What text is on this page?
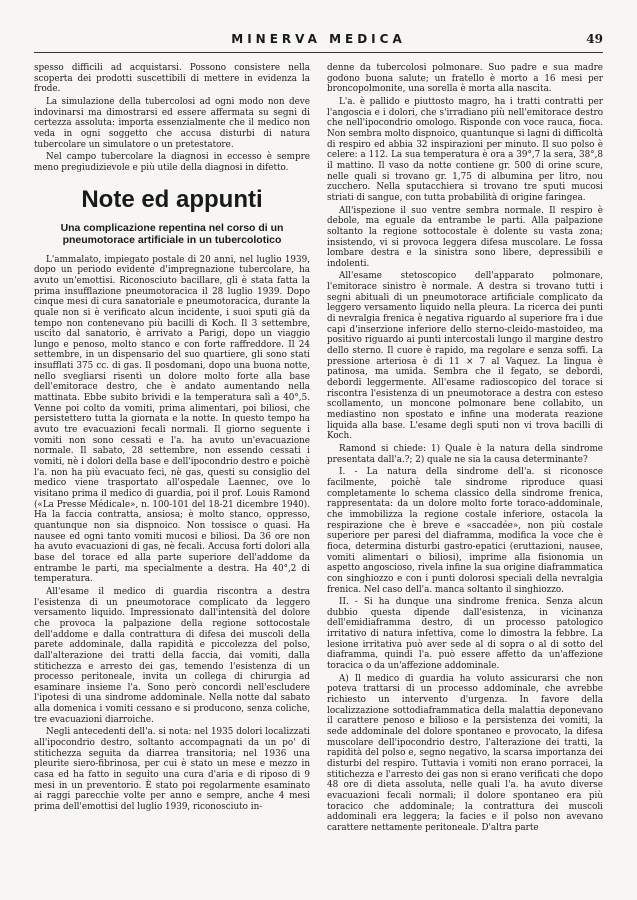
MINERVA MEDICA	49

spesso difficili ad acquistarsi. Possono consistere nella scoperta dei prodotti suscettibili di mettere in evidenza la frode.

La simulazione della tubercolosi ad ogni modo non deve indovinarsi ma dimostrarsi ed essere affermata su segni di certezza assoluta: importa essenzialmente che il medico non veda in ogni soggetto che accusa disturbi di natura tubercolare un simulatore o un pretestatore.

Nel campo tubercolare la diagnosi in eccesso è sempre meno pregiudizievole e più utile della diagnosi in difetto.

Note ed appunti
Una complicazione repentina nel corso di un pneumotorace artificiale in un tubercolotico

L'ammalato, impiegato postale di 20 anni, nel luglio 1939, dopo un periodo evidente d'impregnazione tubercolare, ha avuto un'emottisi. Riconosciuto bacillare, gli è stata fatta la prima insufflazione pneumotoracica il 28 luglio 1939. Dopo cinque mesi di cura sanatoriale e pneumotoracica, durante la quale non si è verificato alcun incidente, i suoi sputi già da tempo non contenevano più bacilli di Koch. Il 3 settembre, uscito dal sanatorio, è arrivato a Parigi, dopo un viaggio lungo e penoso, molto stanco e con forte raffreddore. Il 24 settembre, in un dispensario del suo quartiere, gli sono stati insufflati 375 cc. di gas. Il posdomani, dopo una buona notte, nello svegliarsi risentì un dolore molto forte alla base dell'emitorace destro, che è andato aumentando nella mattinata. Ebbe subito brividi e la temperatura salì a 40°,5. Venne poi colto da vomiti, prima alimentari, poi biliosi, che persistettero tutta la giornata e la notte. In questo tempo ha avuto tre evacuazioni fecali normali. Il giorno seguente i vomiti non sono cessati e l'a. ha avuto un'evacuazione normale. Il sabato, 28 settembre, non essendo cessati i vomiti, nè i dolori della base e dell'ipocondrio destro e poichè l'a. non ha più evacuato feci, nè gas, questi su consiglio del medico viene trasportato all'ospedale Laennec, ove lo visitano prima il medico di guardia, poi il prof. Louis Ramond («La Presse Médicale», n. 100-101 del 18-21 dicembre 1940). Ha la faccia contratta, ansiosa; è molto stanco, oppresso, quantunque non sia dispnoico. Non tossisce o quasi. Ha nausee ed ogni tanto vomiti mucosi e biliosi. Da 36 ore non ha avuto evacuazioni di gas, nè fecali. Accusa forti dolori alla base del torace ed alla parte superiore dell'addome da entrambe le parti, ma specialmente a destra. Ha 40°,2 di temperatura.

All'esame il medico di guardia riscontra a destra l'esistenza di un pneumotorace complicato da leggero versamento liquido. Impressionato dall'intensità del dolore che provoca la palpazione della regione sottocostale dell'addome e dalla contrattura di difesa dei muscoli della parete addominale, dalla rapidità e piccolezza del polso, dall'alterazione dei tratti della faccia, dai vomiti, dalla stitichezza e arresto dei gas, temendo l'esistenza di un processo peritoneale, invita un collega di chirurgia ad esaminare insieme l'a. Sono però concordi nell'escludere l'ipotesi di una sindrome addominale. Nella notte dal sabato alla domenica i vomiti cessano e si producono, senza coliche, tre evacuazioni diarroiche.

Negli antecedenti dell'a. si nota: nel 1935 dolori localizzati all'ipocondrio destro, soltanto accompagnati da un po' di stitichezza seguita da diarrea transitoria; nel 1936 una pleurite siero-fibrinosa, per cui è stato un mese e mezzo in casa ed ha fatto in seguito una cura d'aria e di riposo di 9 mesi in un preventorio. È stato poi regolarmente esaminato ai raggi parecchie volte per anno e sempre, anche 4 mesi prima dell'emottisi del luglio 1939, riconosciuto in-

denne da tubercolosi polmonare. Suo padre e sua madre godono buona salute; un fratello è morto a 16 mesi per broncopolmonite, una sorella è morta alla nascita.

L'a. è pallido e piuttosto magro, ha i tratti contratti per l'angoscia e i dolori, che s'irradiano più nell'emitorace destro che nell'ipocondrio omologo. Risponde con voce rauca, fioca. Non sembra molto dispnoico, quantunque si lagni di difficoltà di respiro ed abbia 32 inspirazioni per minuto. Il suo polso è celere: a 112. La sua temperatura è ora a 39°,7 la sera, 38°,8 il mattino. Il vaso da notte contiene gr. 500 di orine scure, nelle quali si trovano gr. 1,75 di albumina per litro, nou zucchero. Nella sputacchiera si trovano tre sputi mucosi striati di sangue, con tutta probabilità di origine faringea.

All'ispezione il suo ventre sembra normale. Il respiro è debole, ma eguale da entrambe le parti. Alla palpazione soltanto la regione sottocostale è dolente su vasta zona; insistendo, vi si provoca leggera difesa muscolare. Le fossa lombare destra e la sinistra sono libere, depressibili e indolenti.

All'esame stetoscopico dell'apparato polmonare, l'emitorace sinistro è normale. A destra si trovano tutti i segni abituali di un pneumotorace artificiale complicato da leggero versamento liquido nella pleura. La ricerca dei punti di nevralgia frenica è negativa riguardo al superiore fra i due capi d'inserzione inferiore dello sterno-cleido-mastoideo, ma positivo riguardo ai punti intercostali lungo il margine destro dello sterno. Il cuore è rapido, ma regolare e senza soffi. La pressione arteriosa è di 11 × 7 al Vaquez. La lingua è patinosa, ma umida. Sembra che il fegato, se debordi, debordi leggermente. All'esame radioscopico del torace si riscontra l'esistenza di un pneumotorace a destra con esteso scollamento, un moncone polmonare bene collabito, un mediastino non spostato e infine una moderata reazione liquida alla base. L'esame degli sputi non vi trova bacilli di Koch.

Ramond si chiede: 1) Quale è la natura della sindrome presentata dall'a.?; 2) quale ne sia la causa determinante?

I. - La natura della sindrome dell'a. si riconosce facilmente, poichè tale sindrome riproduce quasi completamente lo schema classico della sindrome frenica, rappresentata: da un dolore molto forte toraco-addominale, che immobilizza la regione costale inferiore, ostacola la respirazione che è breve e «saccadée», non più costale superiore per paresi del diaframma, modifica la voce che è fioca, determina disturbi gastro-epatici (eruttazioni, nausee, vomiti alimentari o biliosi), imprime alla fisionomia un aspetto angoscioso, rivela infine la sua origine diaframmatica con singhiozzo e con i punti dolorosi speciali della nevralgia frenica. Nel caso dell'a. manca soltanto il singhiozzo.

II. - Si ha dunque una sindrome frenica. Senza alcun dubbio questa dipende dall'esistenza, in vicinanza dell'emidiaframma destro, di un processo patologico irritativo di natura infettiva, come lo dimostra la febbre. La lesione irritativa può aver sede al di sopra o al di sotto del diaframma, quindi l'a. può essere affetto da un'affezione toracica o da un'affezione addominale.

A) Il medico di guardia ha voluto assicurarsi che non poteva trattarsi di un processo addominale, che avrebbe richiesto un intervento d'urgenza. In favore della localizzazione sottodiaframmatica della malattia deponevano il carattere penoso e bilioso e la persistenza dei vomiti, la sede addominale del dolore spontaneo e provocato, la difesa muscolare dell'ipocondrio destro, l'alterazione dei tratti, la rapidità del polso e, segno negativo, la scarsa importanza dei disturbi del respiro. Tuttavia i vomiti non erano porracei, la stitichezza e l'arresto dei gas non si erano verificati che dopo 48 ore di dieta assoluta, nelle quali l'a. ha avuto diverse evacuazioni fecali normali; il dolore spontaneo era più toracico che addominale; la contrattura dei muscoli addominali era leggera; la facies e il polso non avevano carattere nettamente peritoneale. D'altra parte
